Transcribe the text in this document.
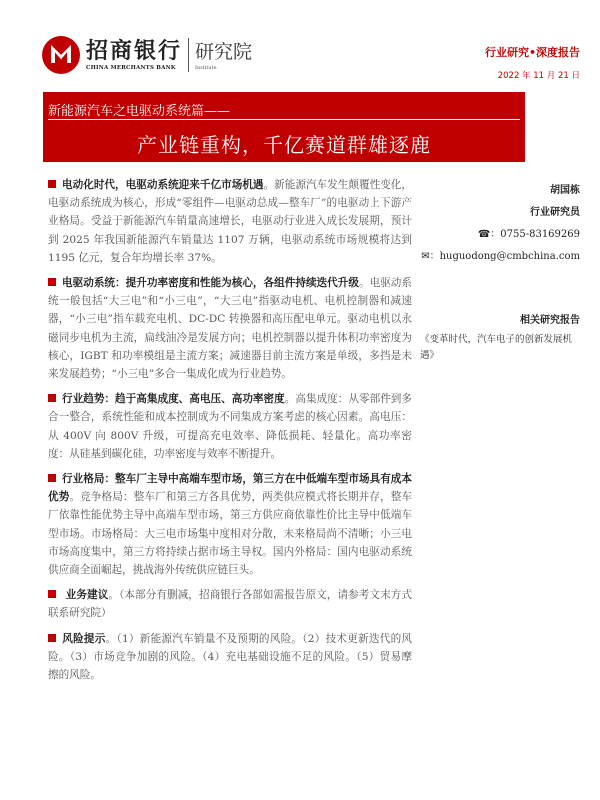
招商银行
CHINA MERCHANTS BANK
研究院
Institute
行业研究•深度报告
2022 年 11 月 21 日
新能源汽车之电驱动系统篇——
产业链重构，千亿赛道群雄逐鹿

电动化时代，电驱动系统迎来千亿市场机遇。新能源汽车发生颠覆性变化，电驱动系统成为核心，形成“零组件—电驱动总成—整车厂”的电驱动上下游产业格局。受益于新能源汽车销量高速增长，电驱动行业进入成长发展期，预计到 2025 年我国新能源汽车销量达 1107 万辆，电驱动系统市场规模将达到 1195 亿元，复合年均增长率 37%。

电驱动系统：提升功率密度和性能为核心，各组件持续迭代升级。电驱动系统一般包括“大三电”和“小三电”，“大三电”指驱动电机、电机控制器和减速器，“小三电”指车载充电机、DC-DC 转换器和高压配电单元。驱动电机以永磁同步电机为主流，扁线油冷是发展方向；电机控制器以提升体积功率密度为核心，IGBT 和功率模组是主流方案；减速器目前主流方案是单级，多挡是未来发展趋势；“小三电”多合一集成化成为行业趋势。

行业趋势：趋于高集成度、高电压、高功率密度。高集成度：从零部件到多合一整合，系统性能和成本控制成为不同集成方案考虑的核心因素。高电压：从 400V 向 800V 升级，可提高充电效率、降低损耗、轻量化。高功率密度：从硅基到碳化硅，功率密度与效率不断提升。

行业格局：整车厂主导中高端车型市场，第三方在中低端车型市场具有成本优势。竞争格局：整车厂和第三方各具优势，两类供应模式将长期并存，整车厂依靠性能优势主导中高端车型市场，第三方供应商依靠性价比主导中低端车型市场。市场格局：大三电市场集中度相对分散，未来格局尚不清晰；小三电市场高度集中，第三方将持续占据市场主导权。国内外格局：国内电驱动系统供应商全面崛起，挑战海外传统供应链巨头。

业务建议。（本部分有删减，招商银行各部如需报告原文，请参考文末方式联系研究院）

风险提示。（1）新能源汽车销量不及预期的风险。（2）技术更新迭代的风险。（3）市场竞争加剧的风险。（4）充电基础设施不足的风险。（5）贸易摩擦的风险。

胡国栋
行业研究员
☎：0755-83169269
✉：huguodong@cmbchina.com
相关研究报告
《变革时代，汽车电子的创新发展机遇》
